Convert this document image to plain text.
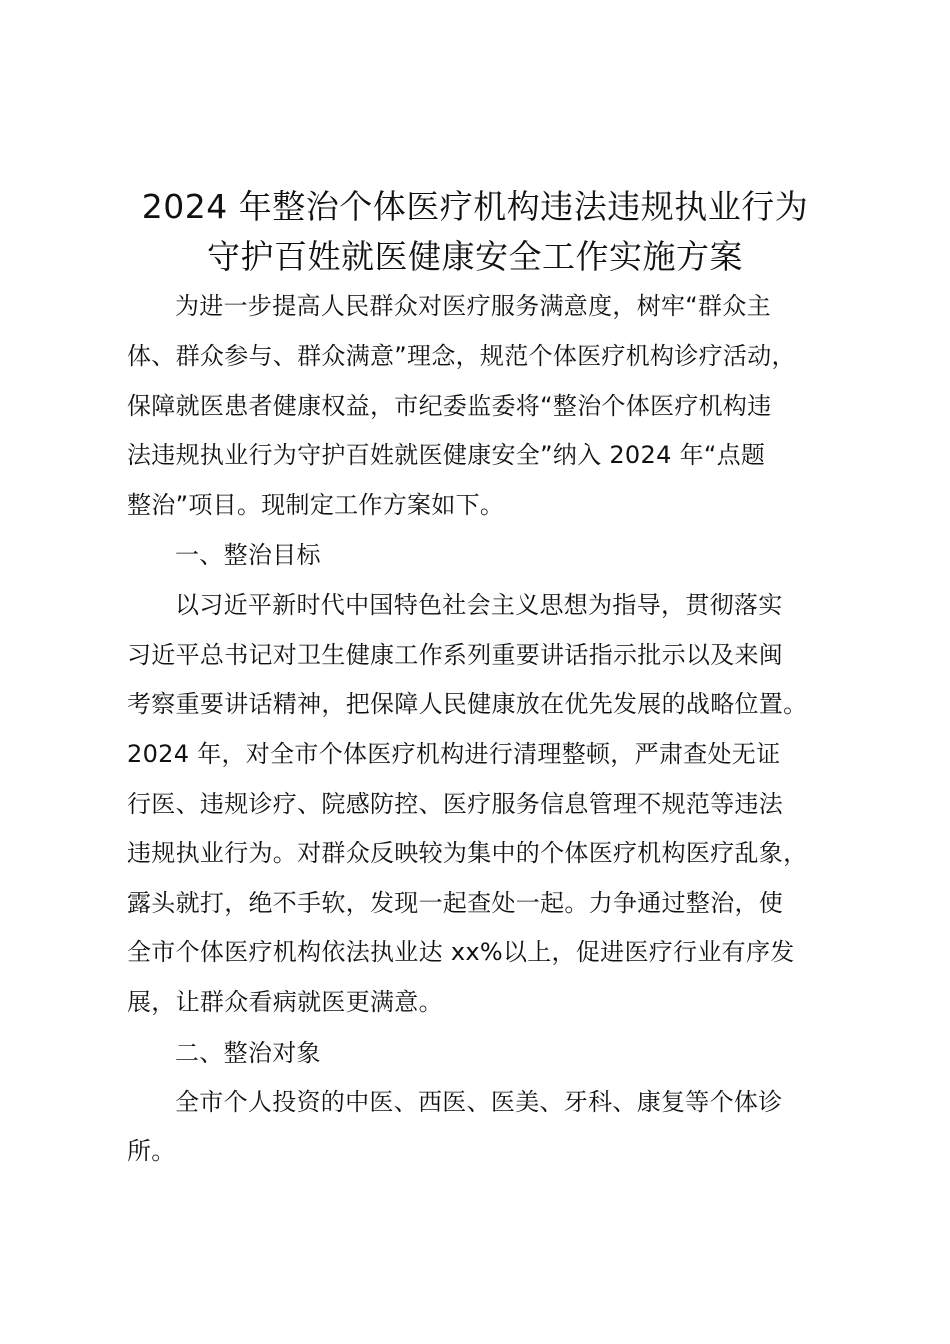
2024 年整治个体医疗机构违法违规执业行为
守护百姓就医健康安全工作实施方案
为进一步提高人民群众对医疗服务满意度，树牢“群众主
体、群众参与、群众满意”理念，规范个体医疗机构诊疗活动，
保障就医患者健康权益，市纪委监委将“整治个体医疗机构违
法违规执业行为守护百姓就医健康安全”纳入 2024 年“点题
整治”项目。现制定工作方案如下。
一、整治目标
以习近平新时代中国特色社会主义思想为指导，贯彻落实
习近平总书记对卫生健康工作系列重要讲话指示批示以及来闽
考察重要讲话精神，把保障人民健康放在优先发展的战略位置。
2024 年，对全市个体医疗机构进行清理整顿，严肃查处无证
行医、违规诊疗、院感防控、医疗服务信息管理不规范等违法
违规执业行为。对群众反映较为集中的个体医疗机构医疗乱象，
露头就打，绝不手软，发现一起查处一起。力争通过整治，使
全市个体医疗机构依法执业达 xx%以上，促进医疗行业有序发
展，让群众看病就医更满意。
二、整治对象
全市个人投资的中医、西医、医美、牙科、康复等个体诊
所。
